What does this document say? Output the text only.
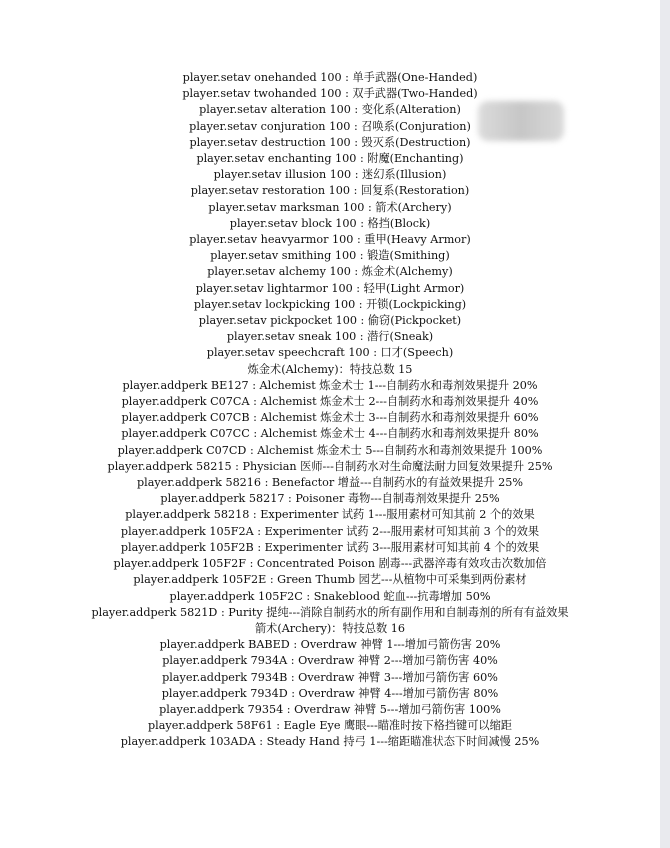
player.setav onehanded 100 : 单手武器(One-Handed)
player.setav twohanded 100 : 双手武器(Two-Handed)
player.setav alteration 100 : 变化系(Alteration)
player.setav conjuration 100 : 召唤系(Conjuration)
player.setav destruction 100 : 毁灭系(Destruction)
player.setav enchanting 100 : 附魔(Enchanting)
player.setav illusion 100 : 迷幻系(Illusion)
player.setav restoration 100 : 回复系(Restoration)
player.setav marksman 100 : 箭术(Archery)
player.setav block 100 : 格挡(Block)
player.setav heavyarmor 100 : 重甲(Heavy Armor)
player.setav smithing 100 : 锻造(Smithing)
player.setav alchemy 100 : 炼金术(Alchemy)
player.setav lightarmor 100 : 轻甲(Light Armor)
player.setav lockpicking 100 : 开锁(Lockpicking)
player.setav pickpocket 100 : 偷窃(Pickpocket)
player.setav sneak 100 : 潜行(Sneak)
player.setav speechcraft 100 : 口才(Speech)
炼金术(Alchemy)：特技总数 15
player.addperk BE127 : Alchemist 炼金术士 1---自制药水和毒剂效果提升 20%
player.addperk C07CA : Alchemist 炼金术士 2---自制药水和毒剂效果提升 40%
player.addperk C07CB : Alchemist 炼金术士 3---自制药水和毒剂效果提升 60%
player.addperk C07CC : Alchemist 炼金术士 4---自制药水和毒剂效果提升 80%
player.addperk C07CD : Alchemist 炼金术士 5---自制药水和毒剂效果提升 100%
player.addperk 58215 : Physician 医师---自制药水对生命魔法耐力回复效果提升 25%
player.addperk 58216 : Benefactor 增益---自制药水的有益效果提升 25%
player.addperk 58217 : Poisoner 毒物---自制毒剂效果提升 25%
player.addperk 58218 : Experimenter 试药 1---服用素材可知其前 2 个的效果
player.addperk 105F2A : Experimenter 试药 2---服用素材可知其前 3 个的效果
player.addperk 105F2B : Experimenter 试药 3---服用素材可知其前 4 个的效果
player.addperk 105F2F : Concentrated Poison 剧毒---武器淬毒有效攻击次数加倍
player.addperk 105F2E : Green Thumb 园艺---从植物中可采集到两份素材
player.addperk 105F2C : Snakeblood 蛇血---抗毒增加 50%
player.addperk 5821D : Purity 提纯---消除自制药水的所有副作用和自制毒剂的所有有益效果
箭术(Archery)：特技总数 16
player.addperk BABED : Overdraw 神臂 1---增加弓箭伤害 20%
player.addperk 7934A : Overdraw 神臂 2---增加弓箭伤害 40%
player.addperk 7934B : Overdraw 神臂 3---增加弓箭伤害 60%
player.addperk 7934D : Overdraw 神臂 4---增加弓箭伤害 80%
player.addperk 79354 : Overdraw 神臂 5---增加弓箭伤害 100%
player.addperk 58F61 : Eagle Eye 鹰眼---瞄准时按下格挡键可以缩距
player.addperk 103ADA : Steady Hand 持弓 1---缩距瞄准状态下时间减慢 25%
